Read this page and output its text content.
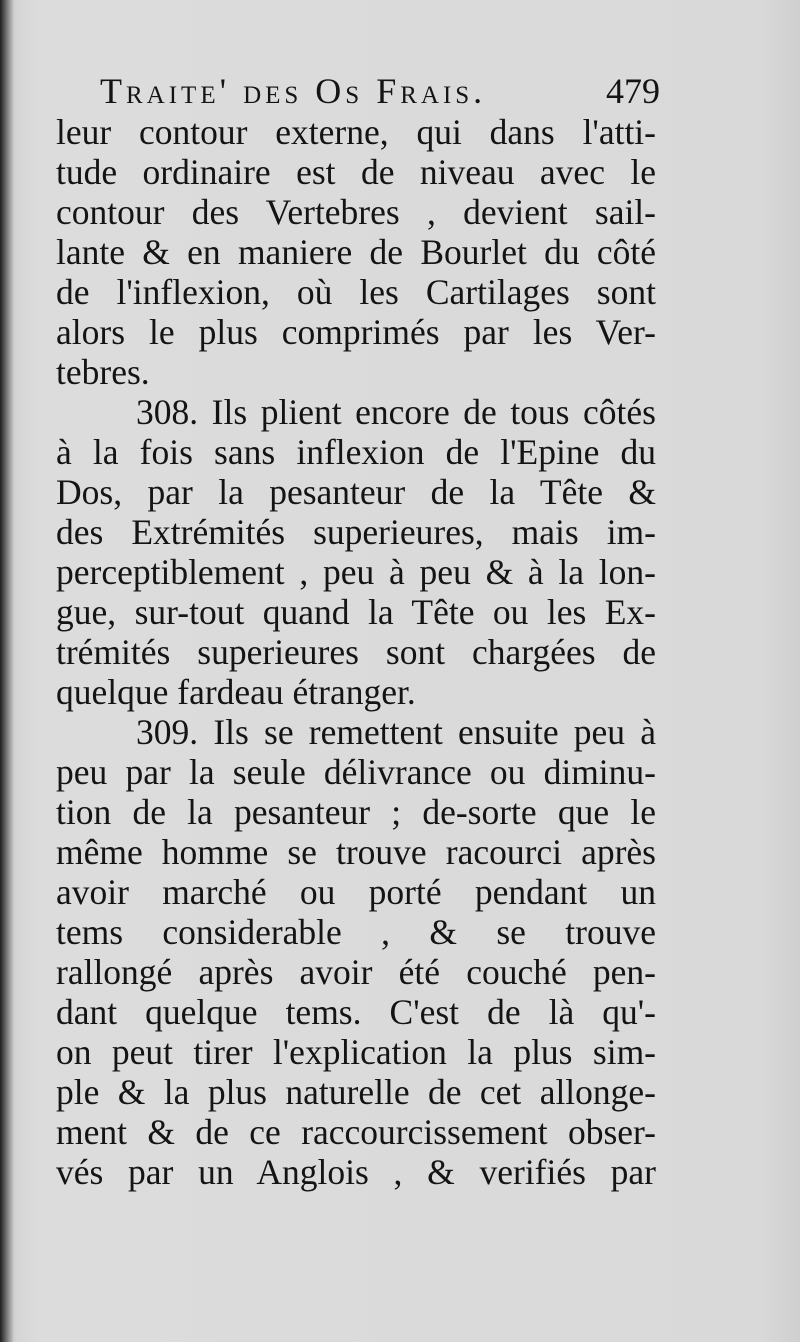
Traite' des Os Frais.	479
leur contour externe, qui dans l'atti-
tude ordinaire est de niveau avec le
contour des Vertebres , devient sail-
lante & en maniere de Bourlet du côté
de l'inflexion, où les Cartilages sont
alors le plus comprimés par les Ver-
tebres.
308. Ils plient encore de tous côtés
à la fois sans inflexion de l'Epine du
Dos, par la pesanteur de la Tête &
des Extrémités superieures, mais im-
perceptiblement , peu à peu & à la lon-
gue, sur-tout quand la Tête ou les Ex-
trémités superieures sont chargées de
quelque fardeau étranger.
309. Ils se remettent ensuite peu à
peu par la seule délivrance ou diminu-
tion de la pesanteur ; de-sorte que le
même homme se trouve racourci après
avoir marché ou porté pendant un
tems considerable , & se trouve
rallongé après avoir été couché pen-
dant quelque tems. C'est de là qu'-
on peut tirer l'explication la plus sim-
ple & la plus naturelle de cet allonge-
ment & de ce raccourcissement obser-
vés par un Anglois , & verifiés par
